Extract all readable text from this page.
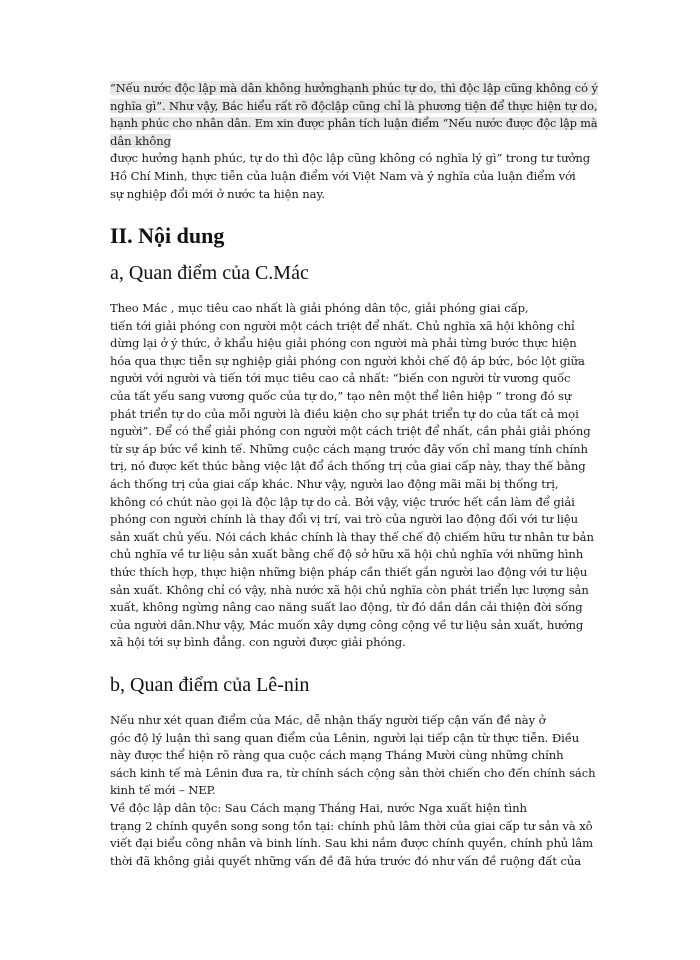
“Nếu nước độc lập mà dân không hưởnghạnh phúc tự do, thì độc lập cũng không có ý
nghĩa gì”. Như vậy, Bác hiểu rất rõ độclập cũng chỉ là phương tiện để thực hiện tự do,
hạnh phúc cho nhân dân. Em xin được phân tích luận điểm “Nếu nước được độc lập mà
dân không
được hưởng hạnh phúc, tự do thì độc lập cũng không có nghĩa lý gì” trong tư tưởng
Hồ Chí Minh, thực tiễn của luận điểm với Việt Nam và ý nghĩa của luận điểm với
sự nghiệp đổi mới ở nước ta hiện nay.
II. Nội dung
a, Quan điểm của C.Mác
Theo Mác , mục tiêu cao nhất là giải phóng dân tộc, giải phóng giai cấp,
tiến tới giải phóng con người một cách triệt để nhất. Chủ nghĩa xã hội không chỉ
dừng lại ở ý thức, ở khẩu hiệu giải phóng con người mà phải từng bước thực hiện
hóa qua thực tiễn sự nghiệp giải phóng con người khỏi chế độ áp bức, bóc lột giữa
người với người và tiến tới mục tiêu cao cả nhất: “biến con người từ vương quốc
của tất yếu sang vương quốc của tự do,” tạo nên một thể liên hiệp “ trong đó sự
phát triển tự do của mỗi người là điều kiện cho sự phát triển tự do của tất cả mọi
người”. Để có thể giải phóng con người một cách triệt để nhất, cần phải giải phóng
từ sự áp bức về kinh tế. Những cuộc cách mạng trước đây vốn chỉ mang tính chính
trị, nó được kết thúc bằng việc lật đổ ách thống trị của giai cấp này, thay thế bằng
ách thống trị của giai cấp khác. Như vậy, người lao động mãi mãi bị thống trị,
không có chút nào gọi là độc lập tự do cả. Bởi vậy, việc trước hết cần làm để giải
phóng con người chính là thay đổi vị trí, vai trò của người lao động đối với tư liệu
sản xuất chủ yếu. Nói cách khác chính là thay thế chế độ chiếm hữu tư nhân tư bản
chủ nghĩa về tư liệu sản xuất bằng chế độ sở hữu xã hội chủ nghĩa với những hình
thức thích hợp, thực hiện những biện pháp cần thiết gắn người lao động với tư liệu
sản xuất. Không chỉ có vậy, nhà nước xã hội chủ nghĩa còn phát triển lực lượng sản
xuất, không ngừng nâng cao năng suất lao động, từ đó dần dần cải thiện đời sống
của người dân.Như vậy, Mác muốn xây dựng công cộng về tư liệu sản xuất, hướng
xã hội tới sự bình đẳng. con người được giải phóng.
b, Quan điểm của Lê-nin
Nếu như xét quan điểm của Mác, dễ nhận thấy người tiếp cận vấn đề này ở
góc độ lý luận thì sang quan điểm của Lênin, người lại tiếp cận từ thực tiễn. Điều
này được thể hiện rõ ràng qua cuộc cách mạng Tháng Mười cùng những chính
sách kinh tế mà Lênin đưa ra, từ chính sách cộng sản thời chiến cho đến chính sách
kinh tế mới – NEP.
Về độc lập dân tộc: Sau Cách mạng Tháng Hai, nước Nga xuất hiện tình
trạng 2 chính quyền song song tồn tại: chính phủ lâm thời của giai cấp tư sản và xô
viết đại biểu công nhân và binh lính. Sau khi nắm được chính quyền, chính phủ lâm
thời đã không giải quyết những vấn đề đã hứa trước đó như vấn đề ruộng đất của
